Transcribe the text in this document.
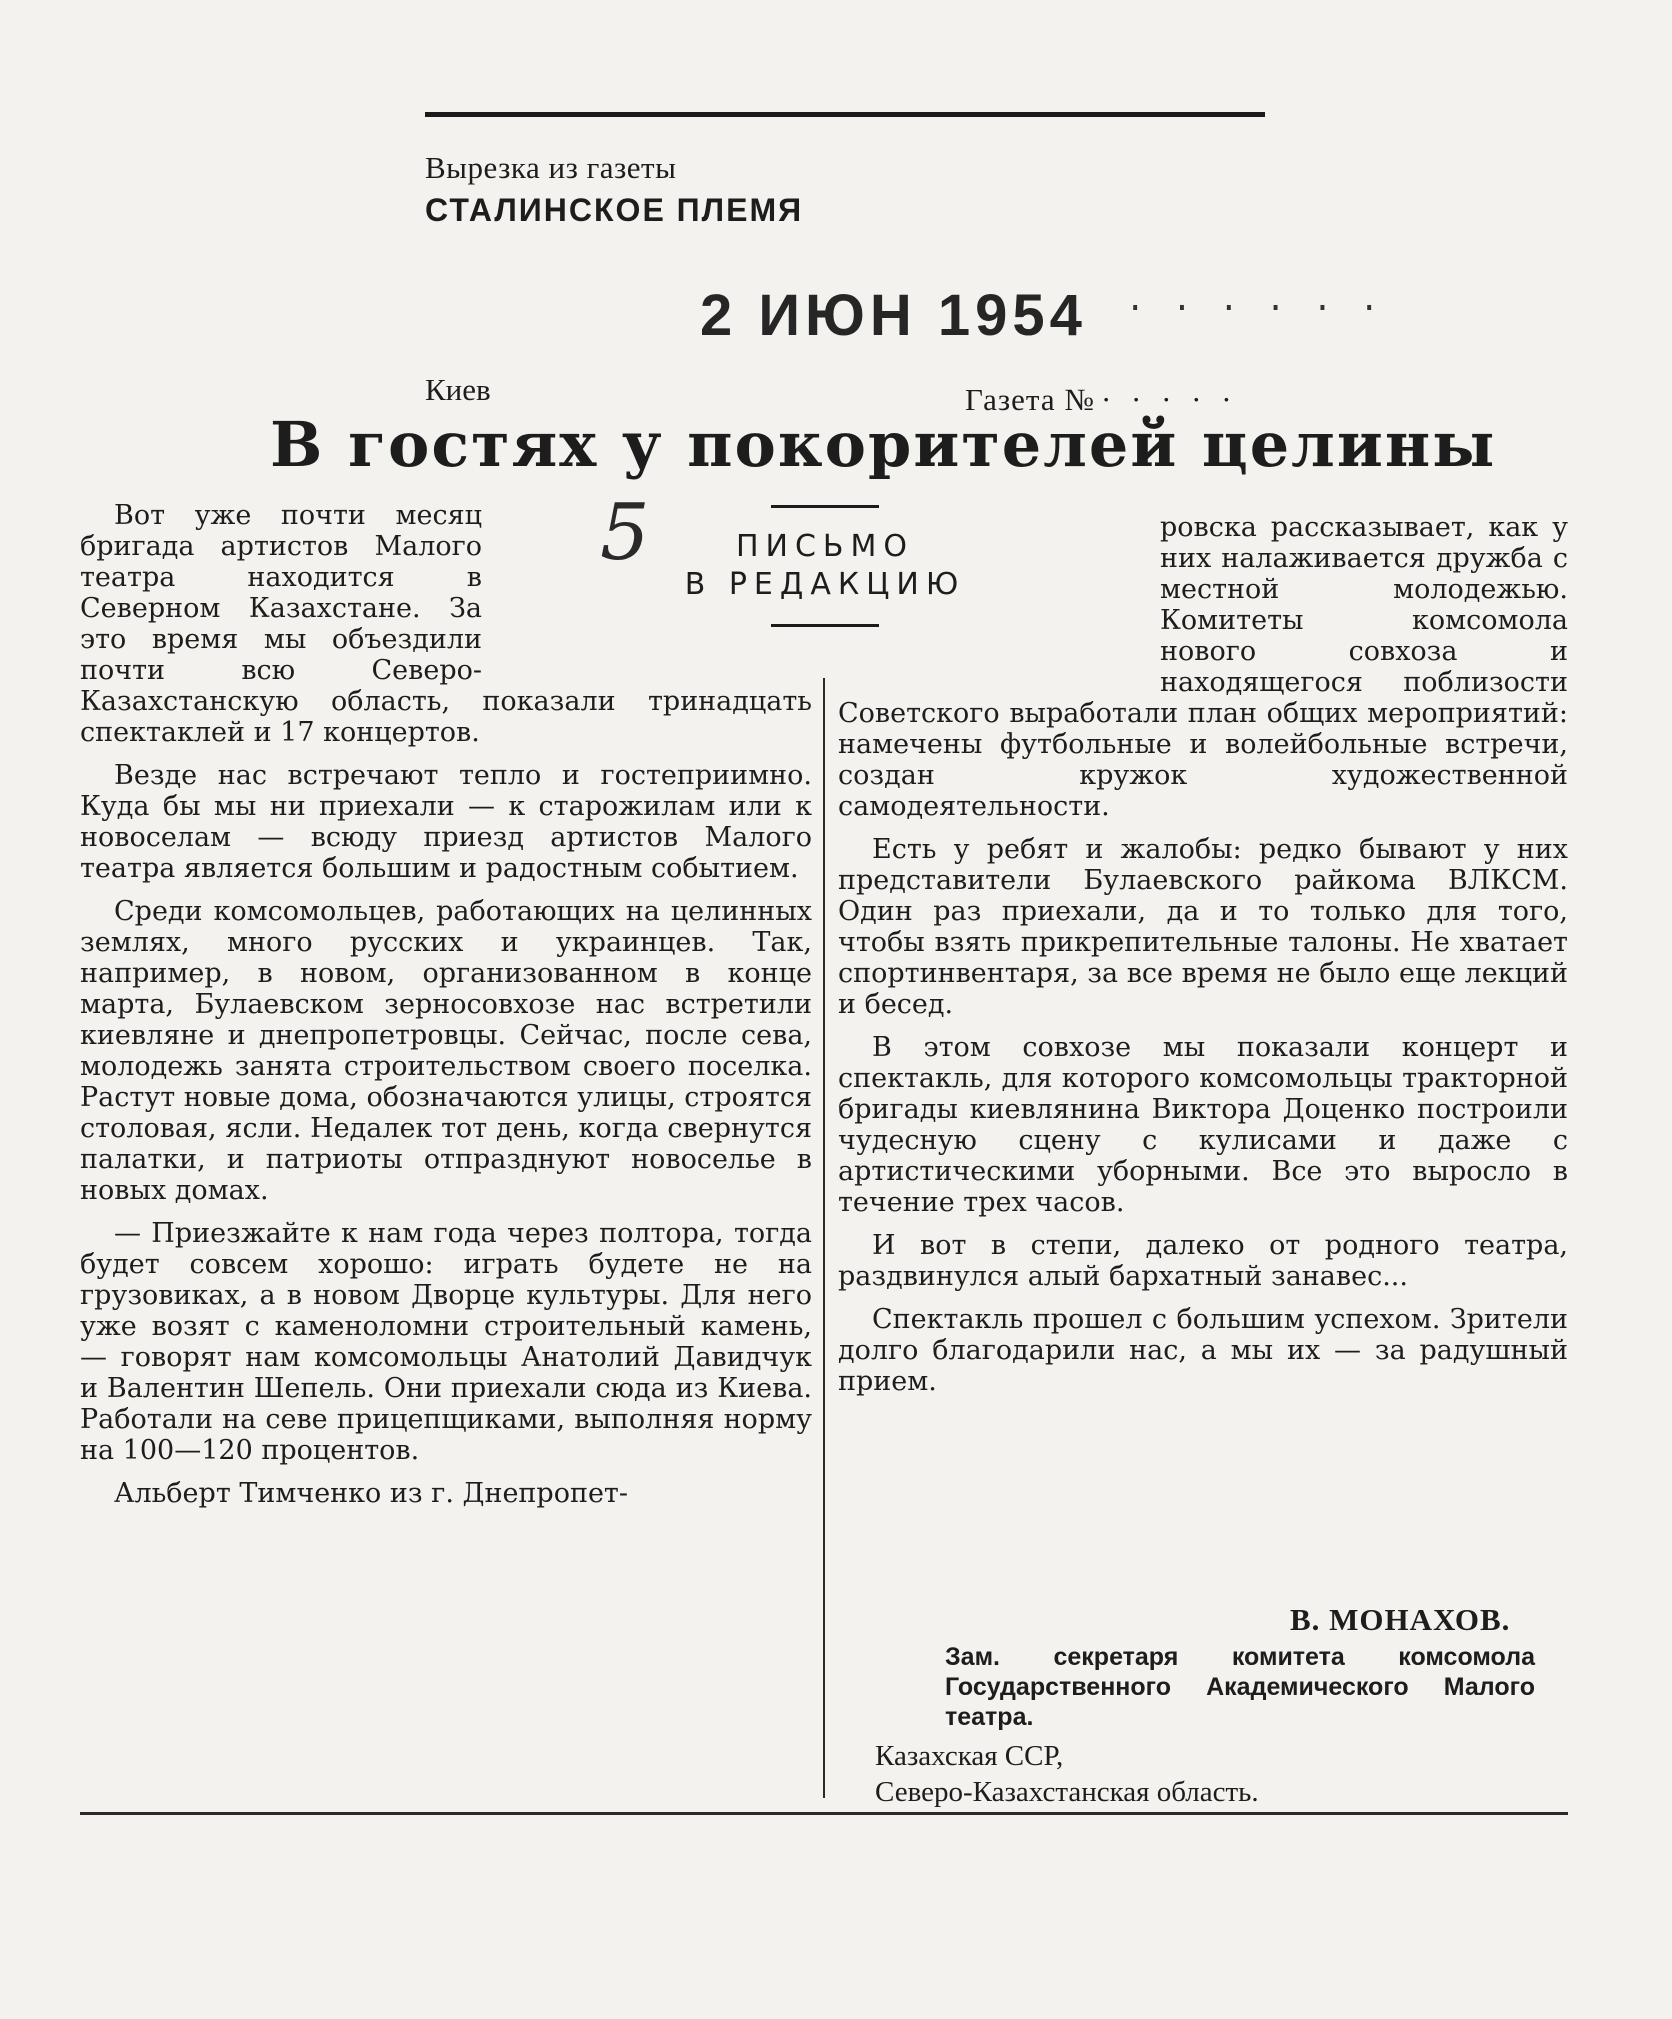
Вырезка из газеты
СТАЛИНСКОЕ ПЛЕМЯ
2 ИЮН 1954 · · · · · ·
Киев	Газета № · · · · ·
В гостях у покорителей целины
5	ПИСЬМО
В РЕДАКЦИЮ

Вот уже почти месяц бригада артистов Малого театра находится в Северном Казахстане. За это время мы объездили почти всю Северо-Казахстанскую область, показали тринадцать спектаклей и 17 концертов.

Везде нас встречают тепло и гостеприимно. Куда бы мы ни приехали — к старожилам или к новоселам — всюду приезд артистов Малого театра является большим и радостным событием.

Среди комсомольцев, работающих на целинных землях, много русских и украинцев. Так, например, в новом, организованном в конце марта, Булаевском зерносовхозе нас встретили киевляне и днепропетровцы. Сейчас, после сева, молодежь занята строительством своего поселка. Растут новые дома, обозначаются улицы, строятся столовая, ясли. Недалек тот день, когда свернутся палатки, и патриоты отпразднуют новоселье в новых домах.

— Приезжайте к нам года через полтора, тогда будет совсем хорошо: играть будете не на грузовиках, а в новом Дворце культуры. Для него уже возят с каменоломни строительный камень, — говорят нам комсомольцы Анатолий Давидчук и Валентин Шепель. Они приехали сюда из Киева. Работали на севе прицепщиками, выполняя норму на 100—120 процентов.

Альберт Тимченко из г. Днепропет-

ровска рассказывает, как у них налаживается дружба с местной молодежью. Комитеты комсомола нового совхоза и находящегося поблизости Советского выработали план общих мероприятий: намечены футбольные и волейбольные встречи, создан кружок художественной самодеятельности.

Есть у ребят и жалобы: редко бывают у них представители Булаевского райкома ВЛКСМ. Один раз приехали, да и то только для того, чтобы взять прикрепительные талоны. Не хватает спортинвентаря, за все время не было еще лекций и бесед.

В этом совхозе мы показали концерт и спектакль, для которого комсомольцы тракторной бригады киевлянина Виктора Доценко построили чудесную сцену с кулисами и даже с артистическими уборными. Все это выросло в течение трех часов.

И вот в степи, далеко от родного театра, раздвинулся алый бархатный занавес...

Спектакль прошел с большим успехом. Зрители долго благодарили нас, а мы их — за радушный прием.

В. МОНАХОВ.
Зам. секретаря комитета комсомола Государственного Академического Малого театра.
Казахская ССР,
Северо-Казахстанская область.
